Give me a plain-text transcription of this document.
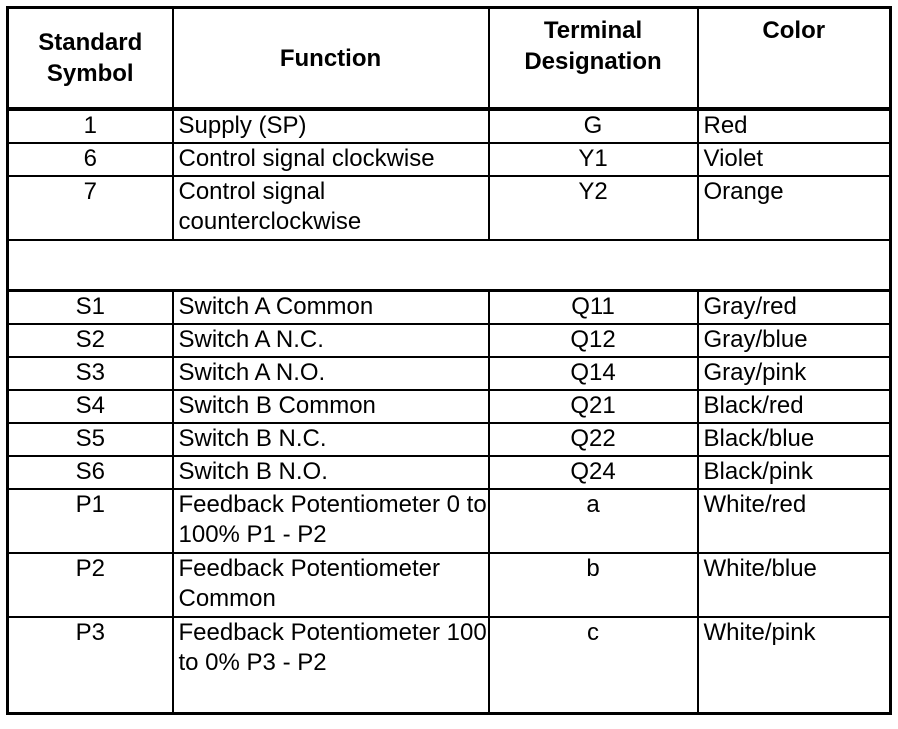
Standard Symbol	Function	Terminal Designation	Color
1	Supply (SP)	G	Red
6	Control signal clockwise	Y1	Violet
7	Control signal counterclockwise	Y2	Orange

S1	Switch A Common	Q11	Gray/red
S2	Switch A N.C.	Q12	Gray/blue
S3	Switch A N.O.	Q14	Gray/pink
S4	Switch B Common	Q21	Black/red
S5	Switch B N.C.	Q22	Black/blue
S6	Switch B N.O.	Q24	Black/pink
P1	Feedback Potentiometer 0 to 100% P1 - P2	a	White/red
P2	Feedback Potentiometer Common	b	White/blue
P3	Feedback Potentiometer 100 to 0% P3 - P2	c	White/pink
